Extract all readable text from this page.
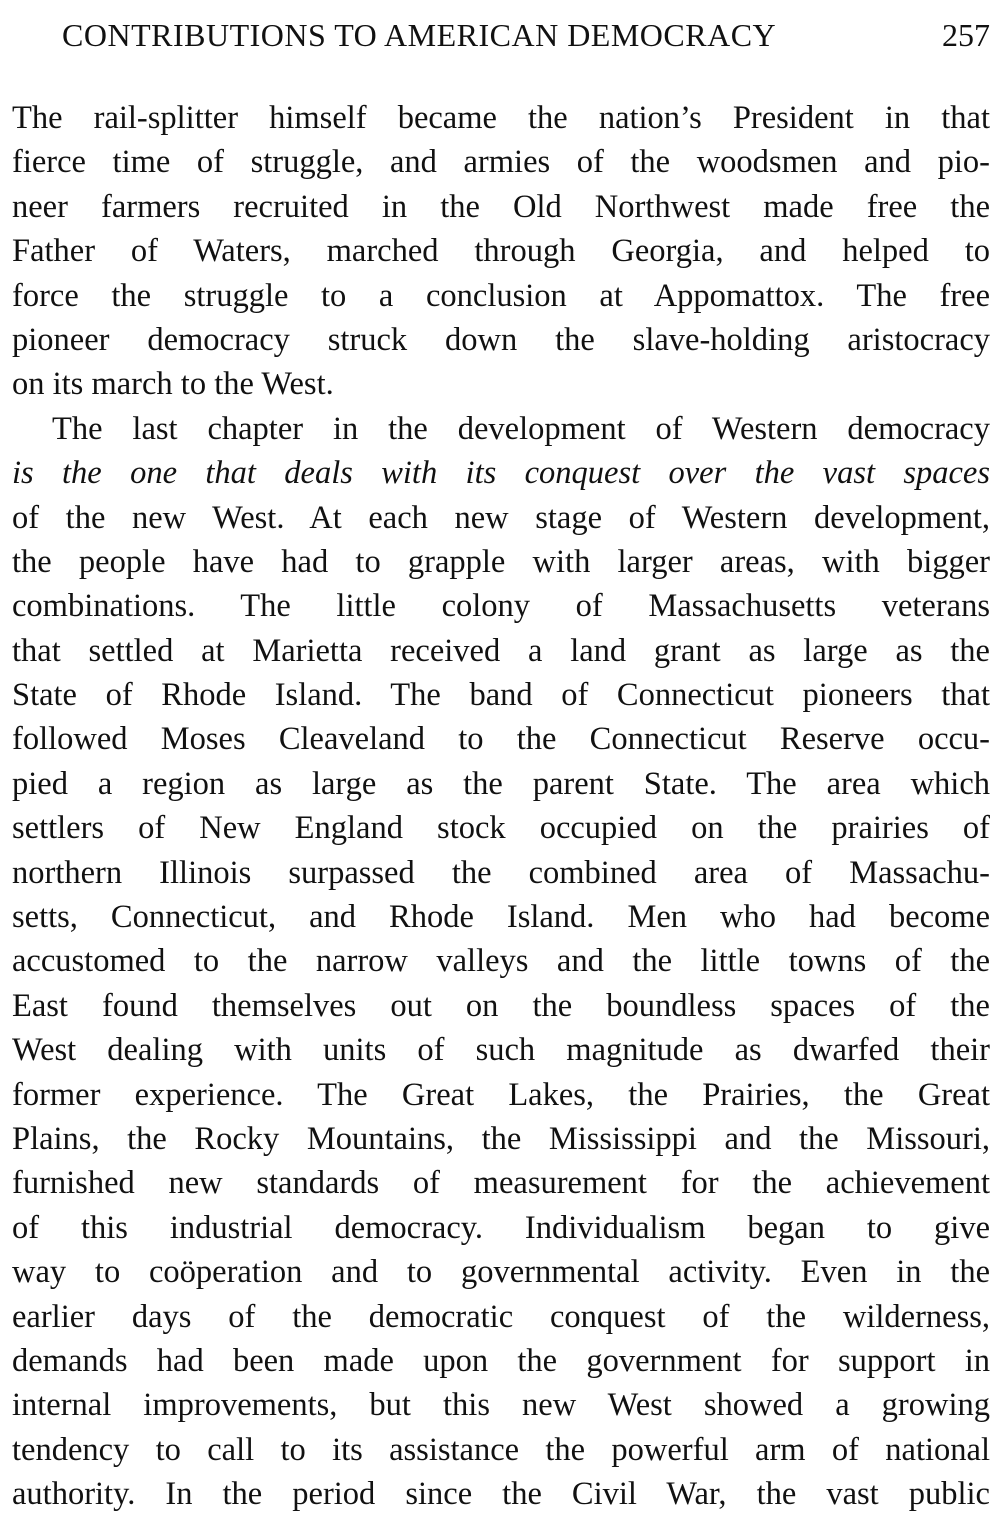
CONTRIBUTIONS TO AMERICAN DEMOCRACY	257
The rail-splitter himself became the nation’s President in that
fierce time of struggle, and armies of the woodsmen and pio-
neer farmers recruited in the Old Northwest made free the
Father of Waters, marched through Georgia, and helped to
force the struggle to a conclusion at Appomattox. The free
pioneer democracy struck down the slave-holding aristocracy
on its march to the West.
The last chapter in the development of Western democracy
is the one that deals with its conquest over the vast spaces
of the new West. At each new stage of Western development,
the people have had to grapple with larger areas, with bigger
combinations. The little colony of Massachusetts veterans
that settled at Marietta received a land grant as large as the
State of Rhode Island. The band of Connecticut pioneers that
followed Moses Cleaveland to the Connecticut Reserve occu-
pied a region as large as the parent State. The area which
settlers of New England stock occupied on the prairies of
northern Illinois surpassed the combined area of Massachu-
setts, Connecticut, and Rhode Island. Men who had become
accustomed to the narrow valleys and the little towns of the
East found themselves out on the boundless spaces of the
West dealing with units of such magnitude as dwarfed their
former experience. The Great Lakes, the Prairies, the Great
Plains, the Rocky Mountains, the Mississippi and the Missouri,
furnished new standards of measurement for the achievement
of this industrial democracy. Individualism began to give
way to coöperation and to governmental activity. Even in the
earlier days of the democratic conquest of the wilderness,
demands had been made upon the government for support in
internal improvements, but this new West showed a growing
tendency to call to its assistance the powerful arm of national
authority. In the period since the Civil War, the vast public
